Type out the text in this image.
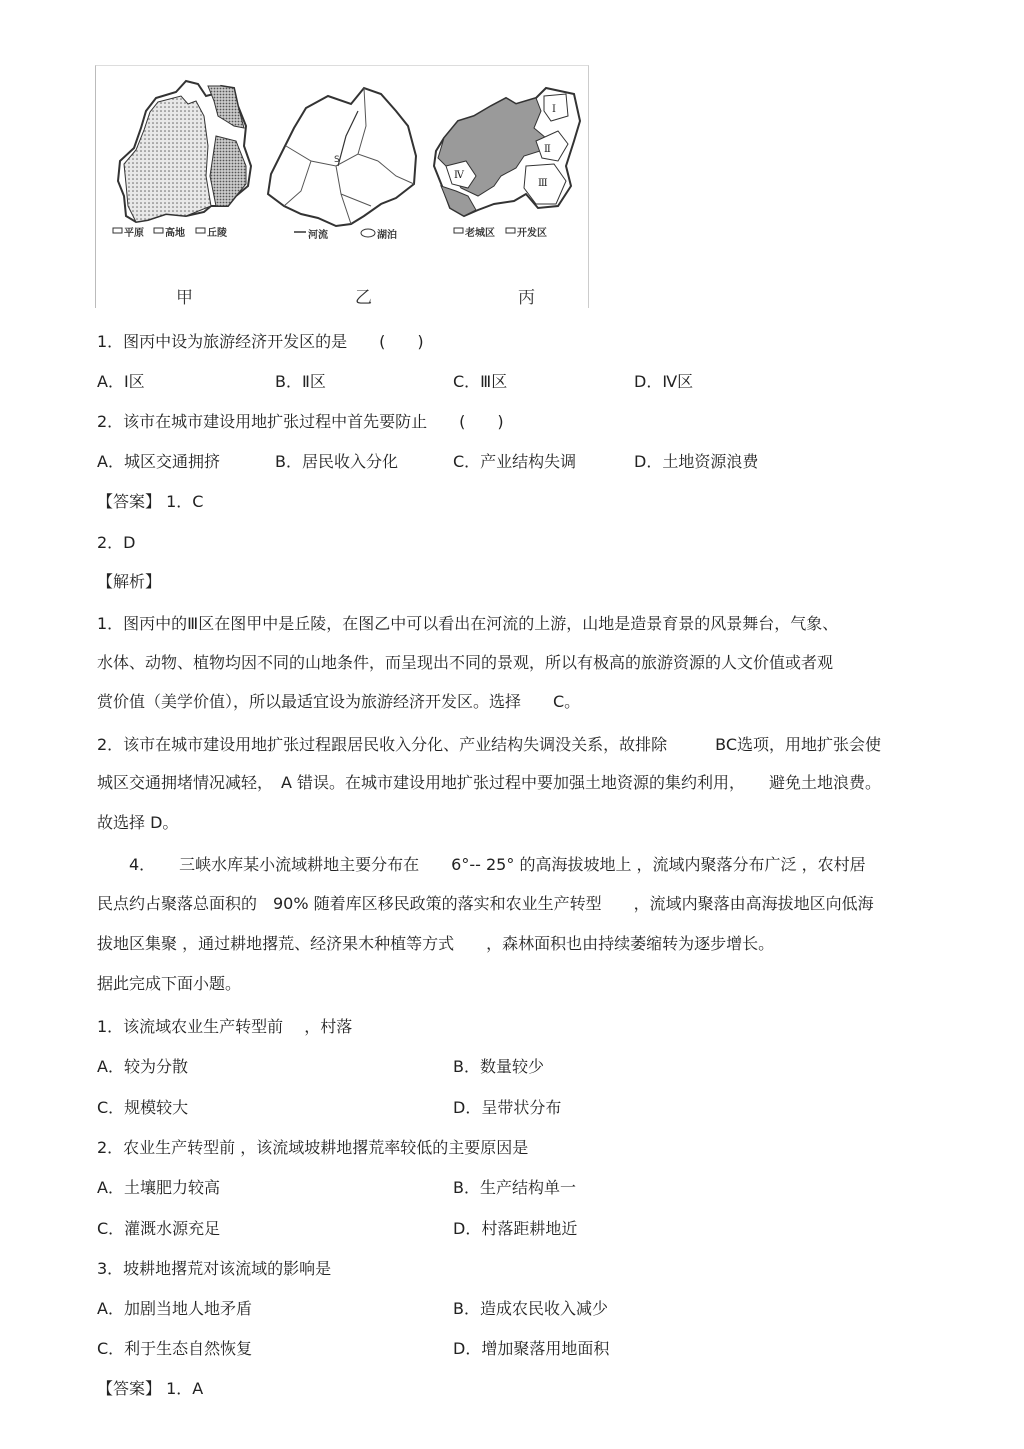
平原 高地 丘陵
S
河流	湖泊
Ⅰ
Ⅱ
Ⅲ
Ⅳ
老城区 开发区
甲	乙	丙
1．图丙中设为旅游经济开发区的是　　(　　)
A．Ⅰ区	B．Ⅱ区	C．Ⅲ区	D．Ⅳ区
2．该市在城市建设用地扩张过程中首先要防止　　(　　)
A．城区交通拥挤	B．居民收入分化	C．产业结构失调	D．土地资源浪费
【答案】 1．C
2．D
【解析】
1．图丙中的Ⅲ区在图甲中是丘陵，在图乙中可以看出在河流的上游，山地是造景育景的风景舞台，气象、
水体、动物、植物均因不同的山地条件，而呈现出不同的景观，所以有极高的旅游资源的人文价值或者观
赏价值（美学价值），所以最适宜设为旅游经济开发区。选择　　C。
2．该市在城市建设用地扩张过程跟居民收入分化、产业结构失调没关系，故排除　　　BC选项，用地扩张会使
城区交通拥堵情况减轻，　A 错误。在城市建设用地扩张过程中要加强土地资源的集约利用，　　避免土地浪费。
故选择 D。
　　4．　　三峡水库某小流域耕地主要分布在　　6°-- 25° 的高海拔坡地上 ，流域内聚落分布广泛 ，农村居
民点约占聚落总面积的　90% 随着库区移民政策的落实和农业生产转型　　，流域内聚落由高海拔地区向低海
拔地区集聚 ，通过耕地撂荒、经济果木种植等方式　　，森林面积也由持续萎缩转为逐步增长。
据此完成下面小题。
1．该流域农业生产转型前　 ，村落
A．较为分散	B．数量较少
C．规模较大	D．呈带状分布
2．农业生产转型前 ，该流域坡耕地撂荒率较低的主要原因是
A．土壤肥力较高	B．生产结构单一
C．灌溉水源充足	D．村落距耕地近
3．坡耕地撂荒对该流域的影响是
A．加剧当地人地矛盾	B．造成农民收入减少
C．利于生态自然恢复	D．增加聚落用地面积
【答案】 1．A
